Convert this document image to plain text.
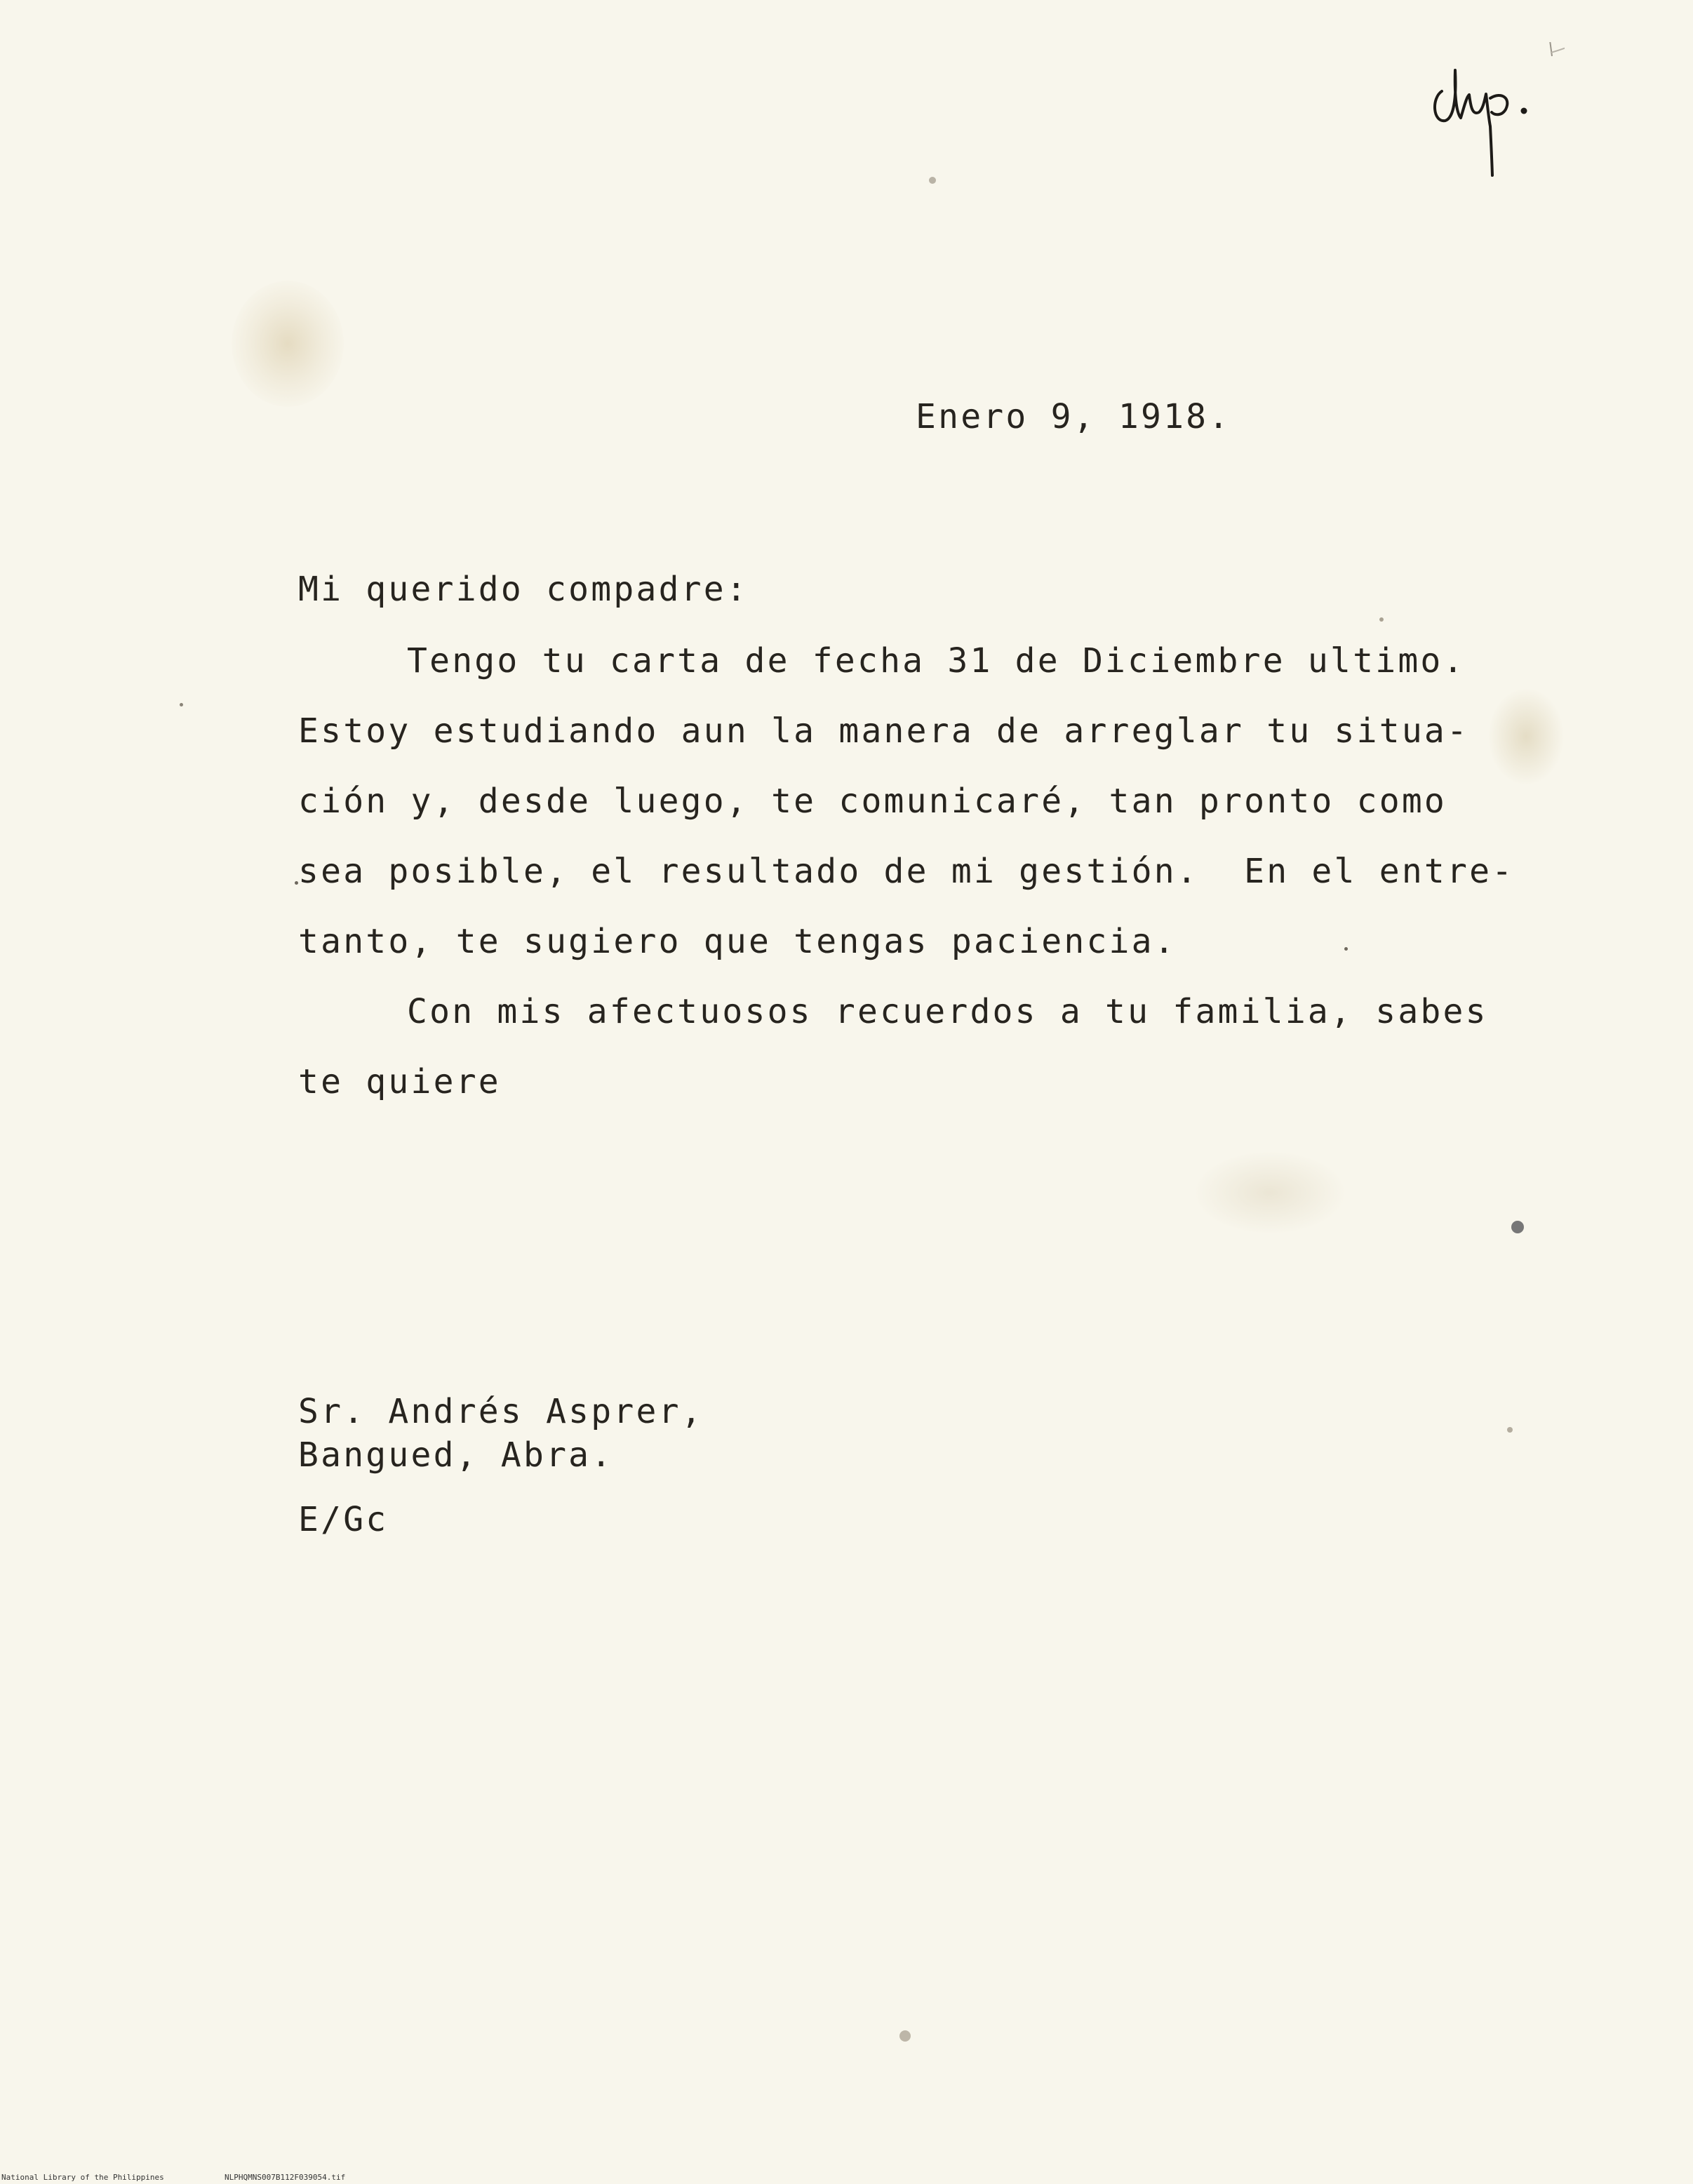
Enero 9, 1918.
Mi querido compadre:
Tengo tu carta de fecha 31 de Diciembre ultimo.
Estoy estudiando aun la manera de arreglar tu situa-
ción y, desde luego, te comunicaré, tan pronto como
sea posible, el resultado de mi gestión.  En el entre-
tanto, te sugiero que tengas paciencia.
Con mis afectuosos recuerdos a tu familia, sabes
te quiere
Sr. Andrés Asprer,
Bangued, Abra.
E/Gc
National Library of the Philippines	NLPHQMNS007B112F039054.tif
